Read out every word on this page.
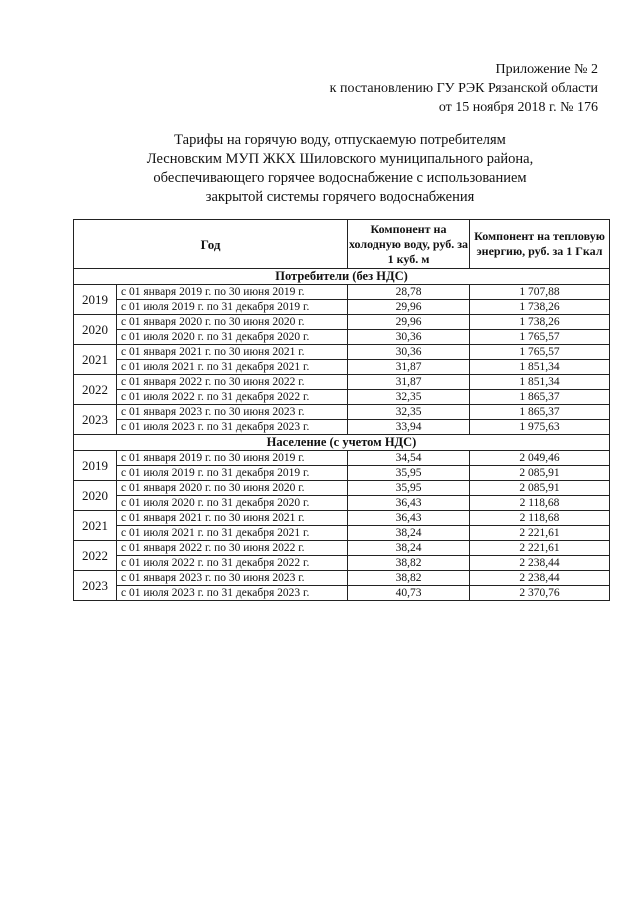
Приложение № 2
к постановлению ГУ РЭК Рязанской области
от 15 ноября 2018 г. № 176
Тарифы на горячую воду, отпускаемую потребителям
Лесновским МУП ЖКХ Шиловского муниципального района,
обеспечивающего горячее водоснабжение с использованием
закрытой системы горячего водоснабжения
Год		Компонент на холодную воду, руб. за 1 куб. м	Компонент на тепловую энергию, руб. за 1 Гкал
Потребители (без НДС)			
2019	с 01 января 2019 г. по 30 июня 2019 г.	28,78	1 707,88
	с 01 июля 2019 г. по 31 декабря 2019 г.	29,96	1 738,26
2020	с 01 января 2020 г. по 30 июня 2020 г.	29,96	1 738,26
	с 01 июля 2020 г. по 31 декабря 2020 г.	30,36	1 765,57
2021	с 01 января 2021 г. по 30 июня 2021 г.	30,36	1 765,57
	с 01 июля 2021 г. по 31 декабря 2021 г.	31,87	1 851,34
2022	с 01 января 2022 г. по 30 июня 2022 г.	31,87	1 851,34
	с 01 июля 2022 г. по 31 декабря 2022 г.	32,35	1 865,37
2023	с 01 января 2023 г. по 30 июня 2023 г.	32,35	1 865,37
	с 01 июля 2023 г. по 31 декабря 2023 г.	33,94	1 975,63
Население (с учетом НДС)			
2019	с 01 января 2019 г. по 30 июня 2019 г.	34,54	2 049,46
	с 01 июля 2019 г. по 31 декабря 2019 г.	35,95	2 085,91
2020	с 01 января 2020 г. по 30 июня 2020 г.	35,95	2 085,91
	с 01 июля 2020 г. по 31 декабря 2020 г.	36,43	2 118,68
2021	с 01 января 2021 г. по 30 июня 2021 г.	36,43	2 118,68
	с 01 июля 2021 г. по 31 декабря 2021 г.	38,24	2 221,61
2022	с 01 января 2022 г. по 30 июня 2022 г.	38,24	2 221,61
	с 01 июля 2022 г. по 31 декабря 2022 г.	38,82	2 238,44
2023	с 01 января 2023 г. по 30 июня 2023 г.	38,82	2 238,44
	с 01 июля 2023 г. по 31 декабря 2023 г.	40,73	2 370,76
